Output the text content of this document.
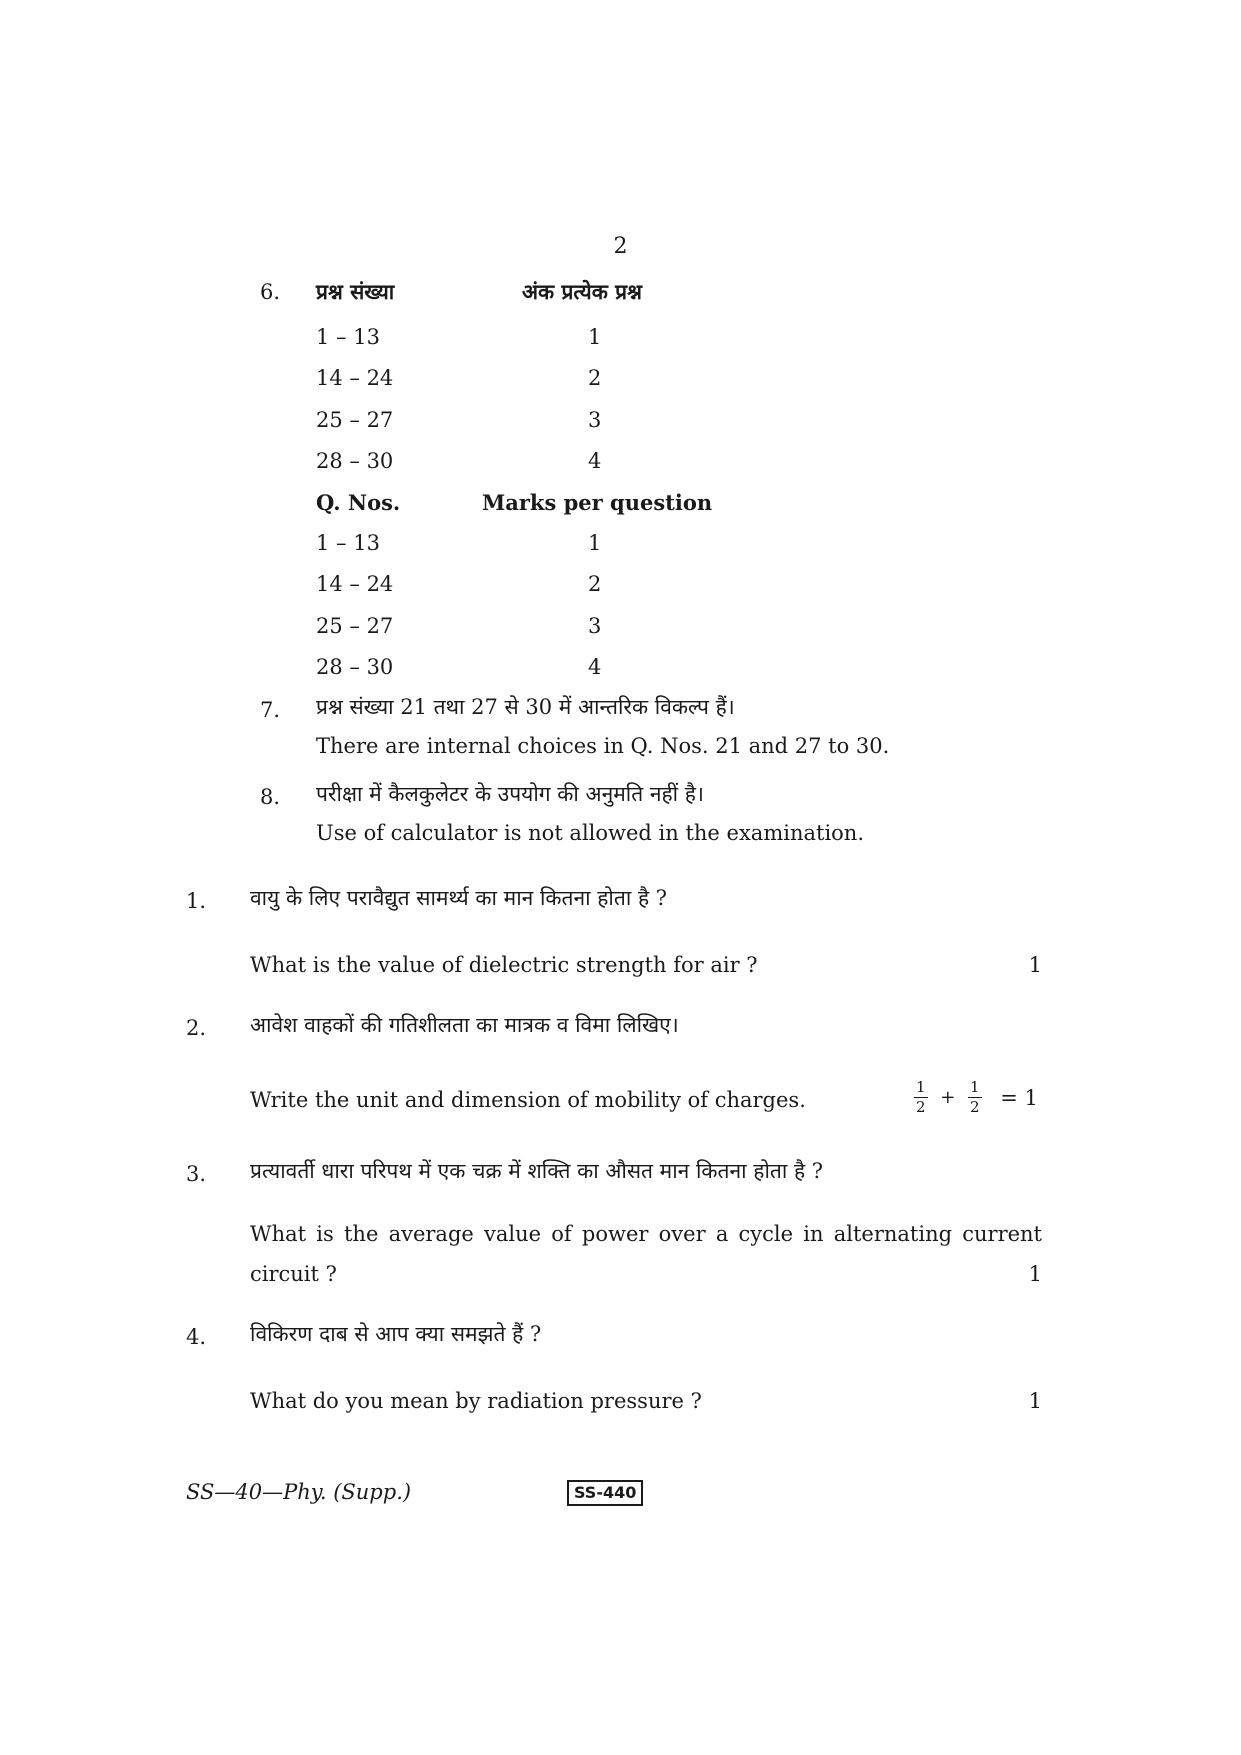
2
6. प्रश्न संख्या	अंक प्रत्येक प्रश्न
1 – 13	1
14 – 24	2
25 – 27	3
28 – 30	4
Q. Nos.	Marks per question
1 – 13	1
14 – 24	2
25 – 27	3
28 – 30	4
7. प्रश्न संख्या 21 तथा 27 से 30 में आन्तरिक विकल्प हैं।
There are internal choices in Q. Nos. 21 and 27 to 30.
8. परीक्षा में कैलकुलेटर के उपयोग की अनुमति नहीं है।
Use of calculator is not allowed in the examination.
1. वायु के लिए परावैद्युत सामर्थ्य का मान कितना होता है ?
What is the value of dielectric strength for air ?	1
2. आवेश वाहकों की गतिशीलता का मात्रक व विमा लिखिए।
Write the unit and dimension of mobility of charges.	$\frac{1}{2} + \frac{1}{2} = 1$
3. प्रत्यावर्ती धारा परिपथ में एक चक्र में शक्ति का औसत मान कितना होता है ?
What is the average value of power over a cycle in alternating current
circuit ?	1
4. विकिरण दाब से आप क्या समझते हैं ?
What do you mean by radiation pressure ?	1
SS—40—Phy. (Supp.)	SS-440
